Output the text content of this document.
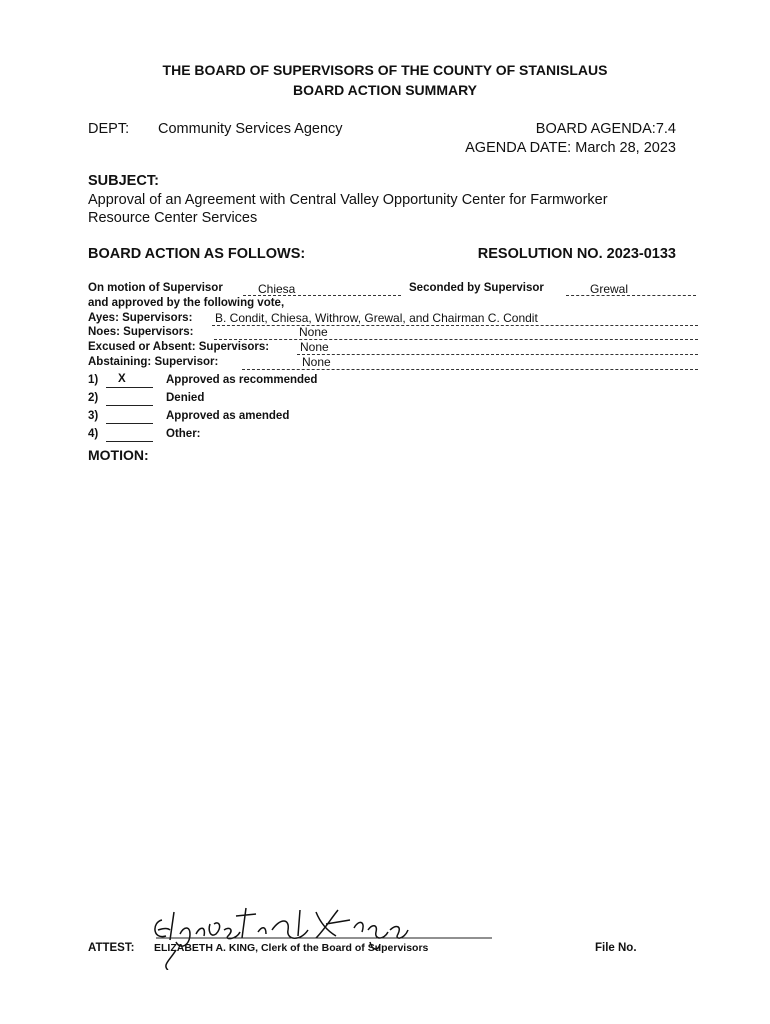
THE BOARD OF SUPERVISORS OF THE COUNTY OF STANISLAUS
BOARD ACTION SUMMARY
DEPT: Community Services Agency	BOARD AGENDA:7.4
AGENDA DATE: March 28, 2023
SUBJECT:
Approval of an Agreement with Central Valley Opportunity Center for Farmworker
Resource Center Services
BOARD ACTION AS FOLLOWS:	RESOLUTION NO. 2023-0133
On motion of Supervisor	Chiesa	Seconded by Supervisor	Grewal
and approved by the following vote,
Ayes: Supervisors: B. Condit, Chiesa, Withrow, Grewal, and Chairman C. Condit
Noes: Supervisors:	None
Excused or Absent: Supervisors:	None
Abstaining: Supervisor:	None
1) X	Approved as recommended
2)	Denied
3)	Approved as amended
4)	Other:
MOTION:
ATTEST: ELIZABETH A. KING, Clerk of the Board of Supervisors	File No.
